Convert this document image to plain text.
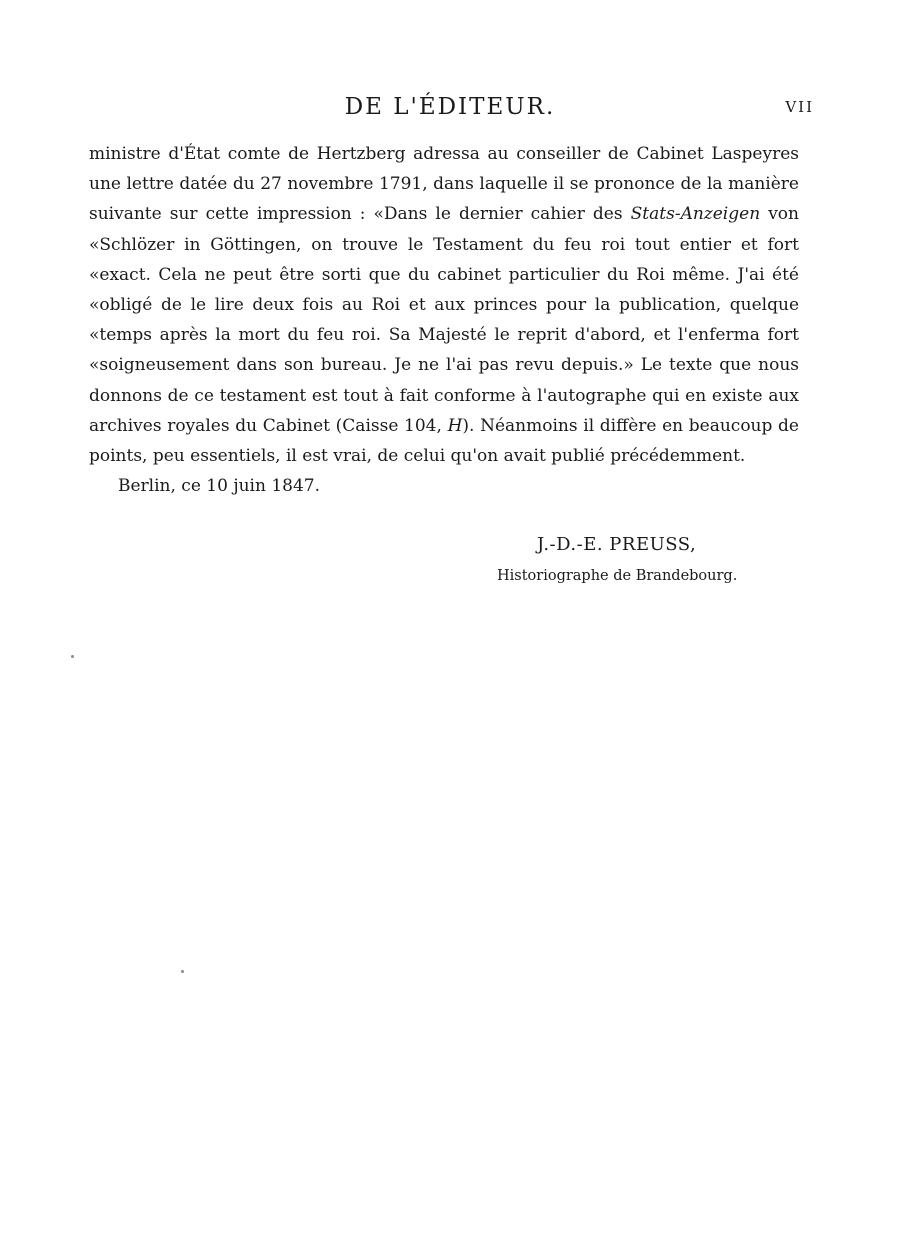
DE L'ÉDITEUR.	VII
ministre d'État comte de Hertzberg adressa au conseiller de Cabinet Laspeyres
une lettre datée du 27 novembre 1791, dans laquelle il se prononce de la manière
suivante sur cette impression : «Dans le dernier cahier des Stats-Anzeigen von
«Schlözer in Göttingen, on trouve le Testament du feu roi tout entier et fort
«exact. Cela ne peut être sorti que du cabinet particulier du Roi même. J'ai été
«obligé de le lire deux fois au Roi et aux princes pour la publication, quelque
«temps après la mort du feu roi. Sa Majesté le reprit d'abord, et l'enferma fort
«soigneusement dans son bureau. Je ne l'ai pas revu depuis.» Le texte que nous
donnons de ce testament est tout à fait conforme à l'autographe qui en existe aux
archives royales du Cabinet (Caisse 104, H). Néanmoins il diffère en beaucoup de
points, peu essentiels, il est vrai, de celui qu'on avait publié précédemment.
Berlin, ce 10 juin 1847.
J.-D.-E. PREUSS,
Historiographe de Brandebourg.
